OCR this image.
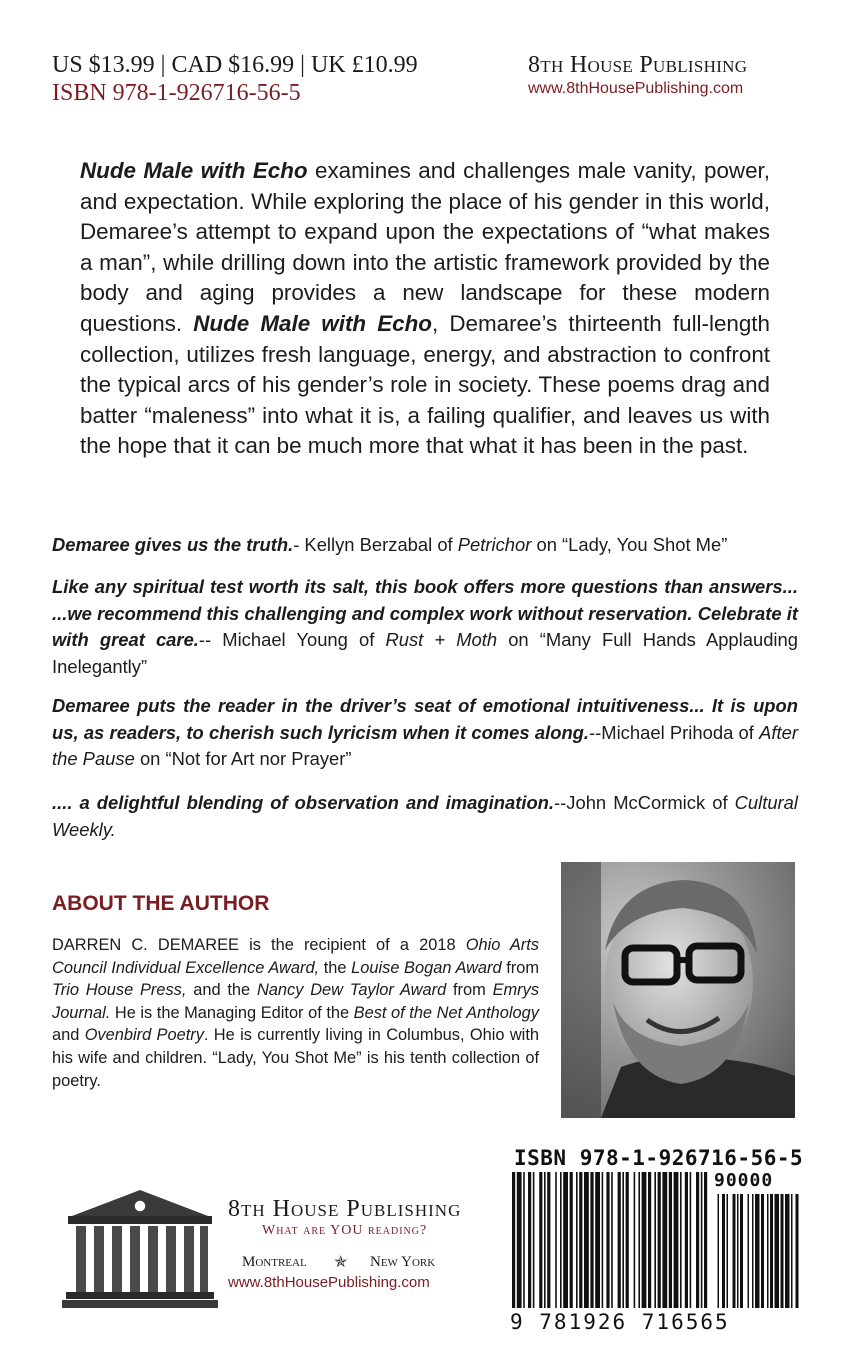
US $13.99 | CAD $16.99 | UK £10.99
ISBN 978-1-926716-56-5
8th House Publishing
www.8thHousePublishing.com
Nude Male with Echo examines and challenges male vanity, power, and expectation. While exploring the place of his gender in this world, Demaree’s attempt to expand upon the expectations of “what makes a man”, while drilling down into the artistic framework provided by the body and aging provides a new landscape for these modern questions. Nude Male with Echo, Demaree’s thirteenth full-length collection, utilizes fresh language, energy, and abstraction to confront the typical arcs of his gender’s role in society. These poems drag and batter “maleness” into what it is, a failing qualifier, and leaves us with the hope that it can be much more that what it has been in the past.
Demaree gives us the truth.- Kellyn Berzabal of Petrichor on “Lady, You Shot Me”
Like any spiritual test worth its salt, this book offers more questions than answers... ...we recommend this challenging and complex work without reservation. Celebrate it with great care.-- Michael Young of Rust + Moth on “Many Full Hands Applauding Inelegantly”
Demaree puts the reader in the driver’s seat of emotional intuitiveness... It is upon us, as readers, to cherish such lyricism when it comes along.--Michael Prihoda of After the Pause on “Not for Art nor Prayer”
.... a delightful blending of observation and imagination.--John McCormick of Cultural Weekly.
ABOUT THE AUTHOR
DARREN C. DEMAREE is the recipient of a 2018 Ohio Arts Council Individual Excellence Award, the Louise Bogan Award from Trio House Press, and the Nancy Dew Taylor Award from Emrys Journal. He is the Managing Editor of the Best of the Net Anthology and Ovenbird Poetry. He is currently living in Columbus, Ohio with his wife and children. “Lady, You Shot Me” is his tenth collection of poetry.
8th House Publishing
What are YOU reading?
Montreal ✯ New York
www.8thHousePublishing.com
ISBN 978-1-926716-56-5
90000
9 781926 716565
